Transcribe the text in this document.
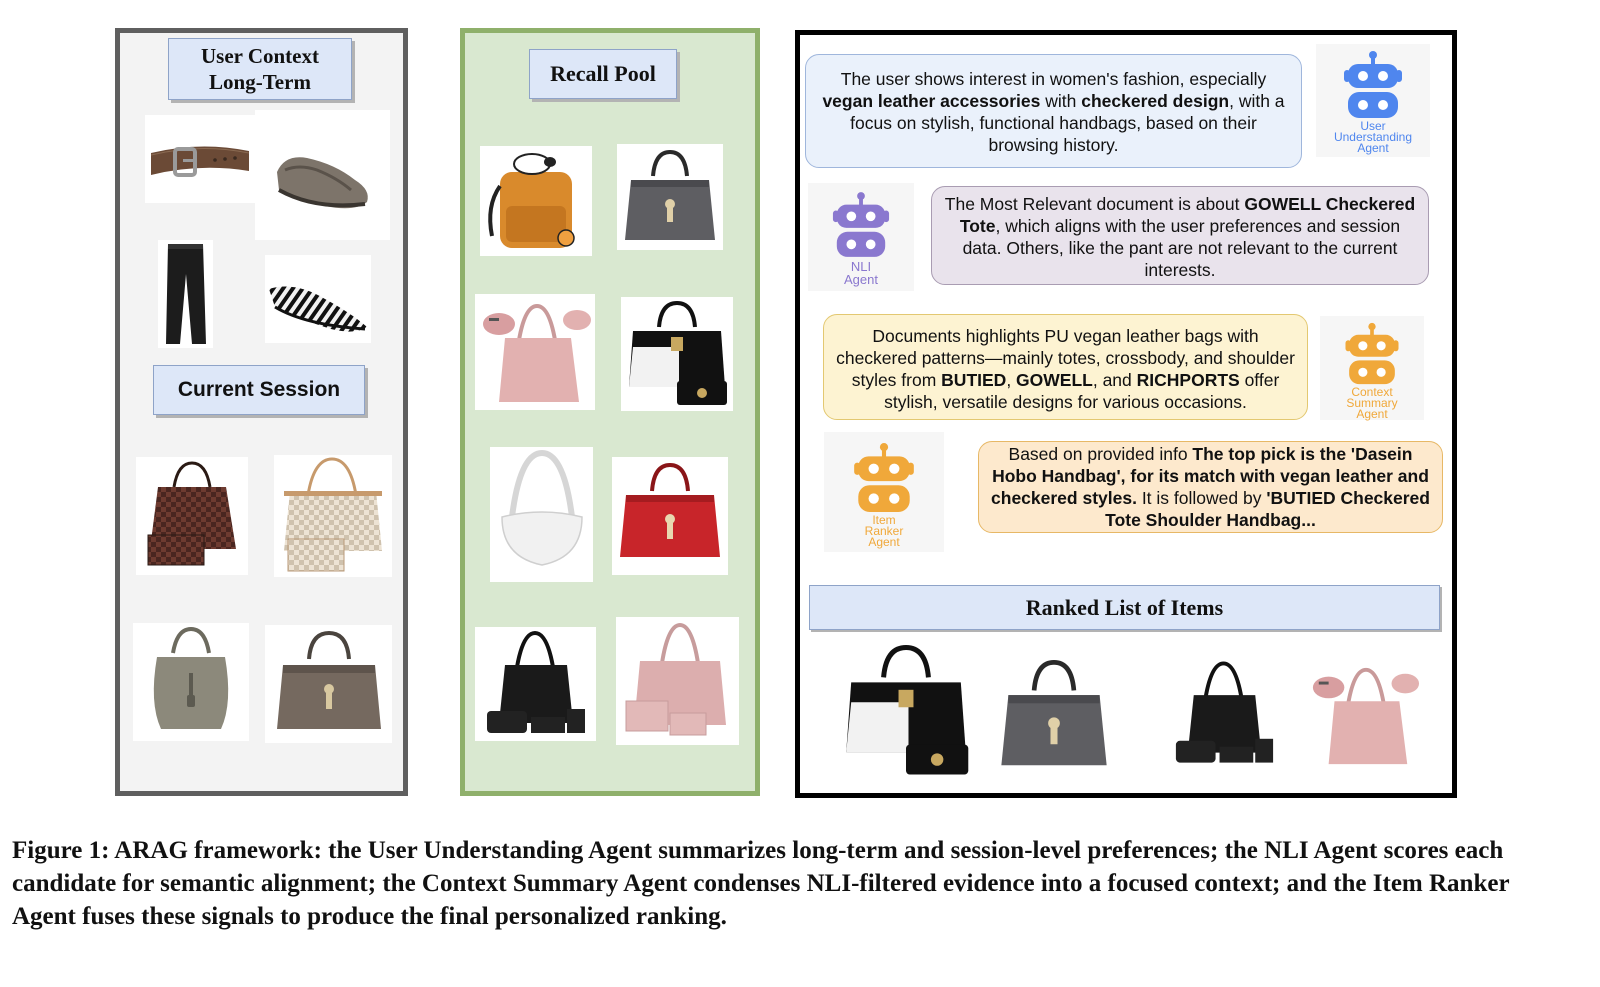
User Context
Long-Term
Current Session
Recall Pool	The user shows interest in women's fashion, especially vegan leather accessories with checkered design, with a focus on stylish, functional handbags, based on their browsing history.
User
Understanding
Agent
NLI
Agent
The Most Relevant document is about GOWELL Checkered Tote, which aligns with the user preferences and session data. Others, like the pant are not relevant to the current interests.
Documents highlights PU vegan leather bags with checkered patterns—mainly totes, crossbody, and shoulder styles from BUTIED, GOWELL, and RICHPORTS offer stylish, versatile designs for various occasions.	Context
Summary
Agent
Item
Ranker
Agent
Based on provided info The top pick is the 'Dasein Hobo Handbag', for its match with vegan leather and checkered styles. It is followed by 'BUTIED Checkered Tote Shoulder Handbag...
Ranked List of Items
Figure 1: ARAG framework: the User Understanding Agent summarizes long-term and session-level preferences; the NLI Agent scores each candidate for semantic alignment; the Context Summary Agent condenses NLI-filtered evidence into a focused context; and the Item Ranker Agent fuses these signals to produce the final personalized ranking.
